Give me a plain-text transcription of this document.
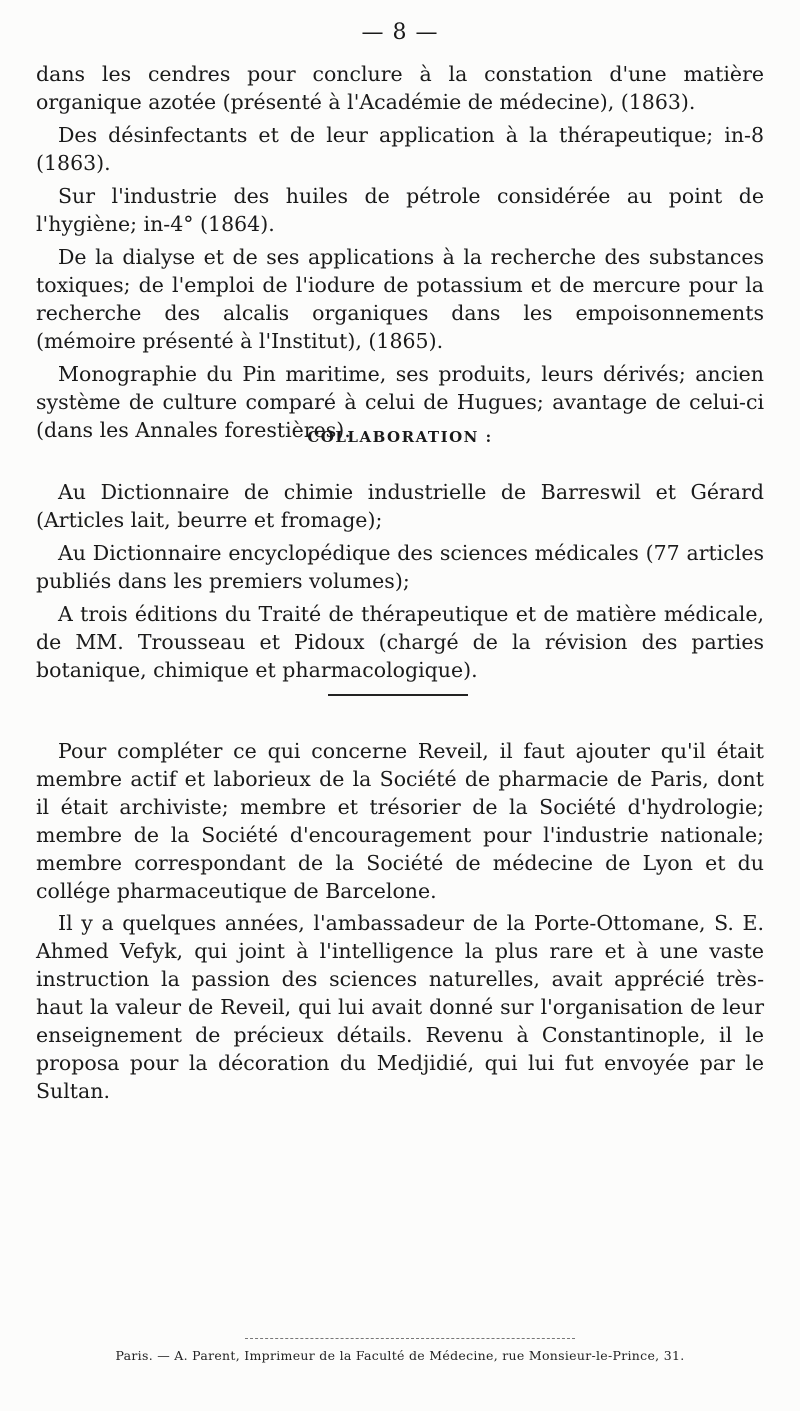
— 8 —

dans les cendres pour conclure à la constation d'une matière organique azotée (présenté à l'Académie de médecine), (1863).

Des désinfectants et de leur application à la thérapeutique; in-8 (1863).

Sur l'industrie des huiles de pétrole considérée au point de l'hygiène; in-4° (1864).

De la dialyse et de ses applications à la recherche des substances toxiques; de l'emploi de l'iodure de potassium et de mercure pour la recherche des alcalis organiques dans les empoisonnements (mémoire présenté à l'Institut), (1865).

Monographie du Pin maritime, ses produits, leurs dérivés; ancien système de culture comparé à celui de Hugues; avantage de celui-ci (dans les Annales forestières).

COLLABORATION :

Au Dictionnaire de chimie industrielle de Barreswil et Gérard (Articles lait, beurre et fromage);

Au Dictionnaire encyclopédique des sciences médicales (77 articles publiés dans les premiers volumes);

A trois éditions du Traité de thérapeutique et de matière médicale, de MM. Trousseau et Pidoux (chargé de la révision des parties botanique, chimique et pharmacologique).

Pour compléter ce qui concerne Reveil, il faut ajouter qu'il était membre actif et laborieux de la Société de pharmacie de Paris, dont il était archiviste; membre et trésorier de la Société d'hydrologie; membre de la Société d'encouragement pour l'industrie nationale; membre correspondant de la Société de médecine de Lyon et du collége pharmaceutique de Barcelone.

Il y a quelques années, l'ambassadeur de la Porte-Ottomane, S. E. Ahmed Vefyk, qui joint à l'intelligence la plus rare et à une vaste instruction la passion des sciences naturelles, avait apprécié très-haut la valeur de Reveil, qui lui avait donné sur l'organisation de leur enseignement de précieux détails. Revenu à Constantinople, il le proposa pour la décoration du Medjidié, qui lui fut envoyée par le Sultan.

Paris. — A. Parent, Imprimeur de la Faculté de Médecine, rue Monsieur-le-Prince, 31.
